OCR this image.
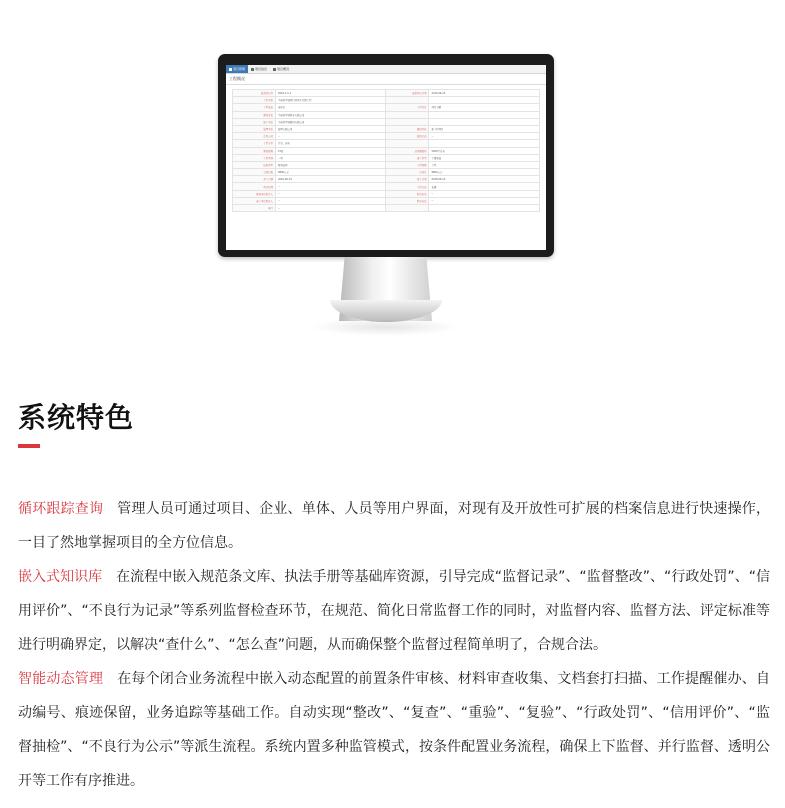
项目管理	项目信息	项目概况
工程概况
监督登记号	2016-1-5-1	监督登记日期	2016-06-15
工程名称	中南科学城项目西区住宅楼工程		
工程地址	南京市	工程造价	项目金额
建设单位	中南科学城置业有限公司		
施工单位	中南科学城建设有限公司		
监理单位	监理有限公司	建设性质	新工程项目
总包公司	--	监督状态	--
工程分类	住宅、商业		
建设规模	15层	总承建面积	5000平方米
工程类别	一类	施工类型	土建安装
结构类型	框架结构	工程规模	大型
合同价格	9800万元	合同价	9800万元
开工日期	2016-06-15	竣工日期	2018-06-15
项目经理	--	工程状态	在建
建设单位联系人	--	联系电话	--
施工单位联系人	--	联系电话	--
备注	--		
系统特色

循环跟踪查询 管理人员可通过项目、企业、单体、人员等用户界面，对现有及开放性可扩展的档案信息进行快速操作，一目了然地掌握项目的全方位信息。

嵌入式知识库 在流程中嵌入规范条文库、执法手册等基础库资源，引导完成“监督记录”、“监督整改”、“行政处罚”、“信用评价”、“不良行为记录”等系列监督检查环节，在规范、简化日常监督工作的同时，对监督内容、监督方法、评定标准等进行明确界定，以解决“查什么”、“怎么查”问题，从而确保整个监督过程简单明了，合规合法。

智能动态管理 在每个闭合业务流程中嵌入动态配置的前置条件审核、材料审查收集、文档套打扫描、工作提醒催办、自动编号、痕迹保留，业务追踪等基础工作。自动实现“整改”、“复查”、“重验”、“复验”、“行政处罚”、“信用评价”、“监督抽检”、“不良行为公示”等派生流程。系统内置多种监管模式，按条件配置业务流程，确保上下监督、并行监督、透明公开等工作有序推进。
